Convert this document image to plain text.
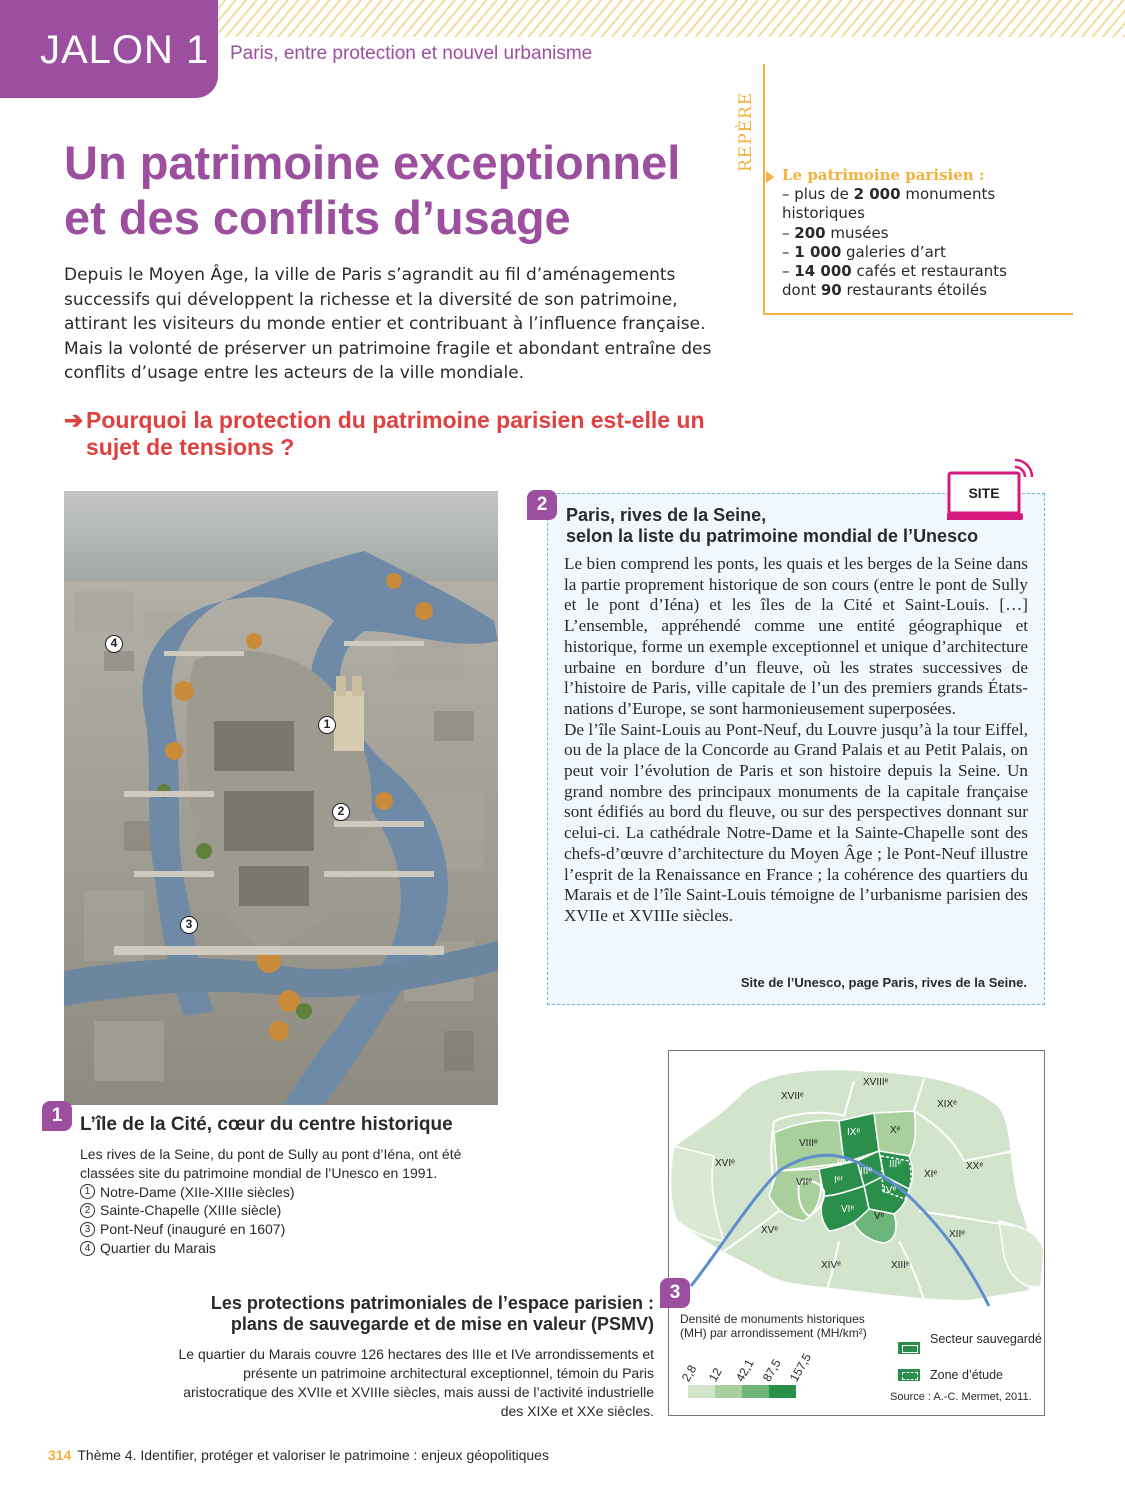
JALON 1 Paris, entre protection et nouvel urbanisme
Un patrimoine exceptionnel
et des conflits d’usage

Depuis le Moyen Âge, la ville de Paris s’agrandit au fil d’aménagements successifs qui développent la richesse et la diversité de son patrimoine, attirant les visiteurs du monde entier et contribuant à l’influence française. Mais la volonté de préserver un patrimoine fragile et abondant entraîne des conflits d’usage entre les acteurs de la ville mondiale.

➔ Pourquoi la protection du patrimoine parisien est-elle un sujet de tensions ?
REPÈRE
Le patrimoine parisien :
– plus de 2 000 monuments historiques
– 200 musées
– 1 000 galeries d’art
– 14 000 cafés et restaurants
dont 90 restaurants étoilés
1
2
3
4
1 L’île de la Cité, cœur du centre historique
Les rives de la Seine, du pont de Sully au pont d’Iéna, ont été classées site du patrimoine mondial de l’Unesco en 1991.
1 Notre-Dame (XIIe-XIIIe siècles)
2 Sainte-Chapelle (XIIIe siècle)
3 Pont-Neuf (inauguré en 1607)
4 Quartier du Marais
2
SITE
Paris, rives de la Seine,
selon la liste du patrimoine mondial de l’Unesco

Le bien comprend les ponts, les quais et les berges de la Seine dans la partie proprement historique de son cours (entre le pont de Sully et le pont d’Iéna) et les îles de la Cité et Saint-Louis. […] L’ensemble, appréhendé comme une entité géographique et historique, forme un exemple exceptionnel et unique d’architecture urbaine en bordure d’un fleuve, où les strates successives de l’histoire de Paris, ville capitale de l’un des premiers grands États-nations d’Europe, se sont harmonieusement superposées.

De l’île Saint-Louis au Pont-Neuf, du Louvre jusqu’à la tour Eiffel, ou de la place de la Concorde au Grand Palais et au Petit Palais, on peut voir l’évolution de Paris et son histoire depuis la Seine. Un grand nombre des principaux monuments de la capitale française sont édifiés au bord du fleuve, ou sur des perspectives donnant sur celui-ci. La cathédrale Notre-Dame et la Sainte-Chapelle sont des chefs-d’œuvre d’architecture du Moyen Âge ; le Pont-Neuf illustre l’esprit de la Renaissance en France ; la cohérence des quartiers du Marais et de l’île Saint-Louis témoigne de l’urbanisme parisien des XVIIe et XVIIIe siècles.

Site de l’Unesco, page Paris, rives de la Seine.
IXᵉ	Xᵉ
VIIIᵉ
IIᵉ
IIIᵉ
IIIᵉ
Iᵉʳ
IVᵉ
VIIᵉ
VIᵉ
Vᵉ
XVIIIᵉ
XVIIᵉ
XIXᵉ
XXᵉ
XIᵉ
XVIᵉ
XVᵉ	XIIᵉ
XIVᵉ	XIIIᵉ
3
Densité de monuments historiques (MH) par arrondissement (MH/km²)
2,8 12 42,1 87,5 157,5
Secteur sauvegardé
Zone d’étude
Source : A.-C. Mermet, 2011.
Les protections patrimoniales de l’espace parisien :
plans de sauvegarde et de mise en valeur (PSMV)
Le quartier du Marais couvre 126 hectares des IIIe et IVe arrondissements et présente un patrimoine architectural exceptionnel, témoin du Paris aristocratique des XVIIe et XVIIIe siècles, mais aussi de l’activité industrielle des XIXe et XXe siècles.
314 Thème 4. Identifier, protéger et valoriser le patrimoine : enjeux géopolitiques
